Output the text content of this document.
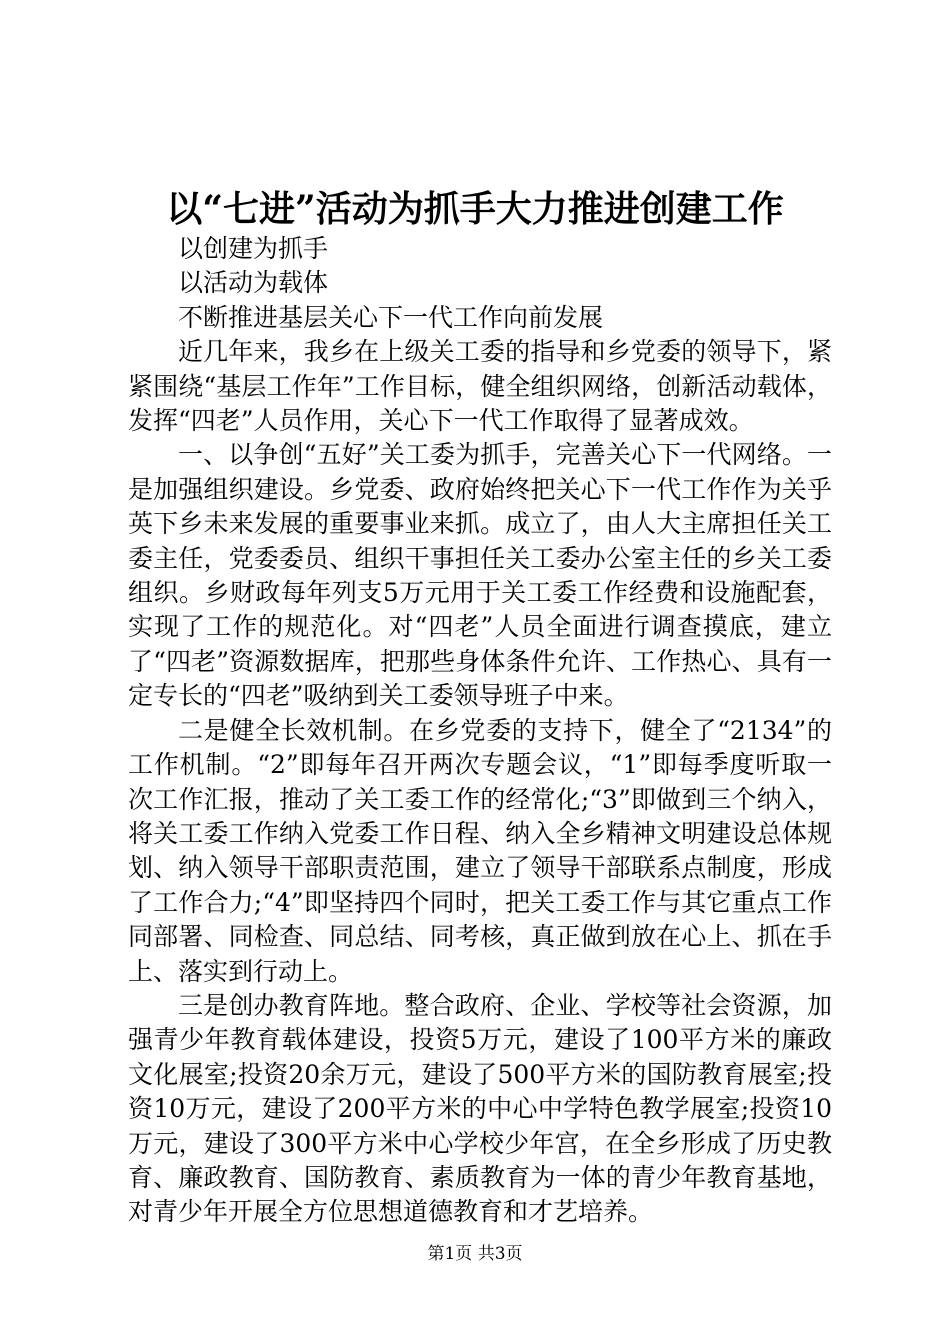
以“七进”活动为抓手大力推进创建工作

以创建为抓手

以活动为载体

不断推进基层关心下一代工作向前发展

近几年来，我乡在上级关工委的指导和乡党委的领导下，紧紧围绕“基层工作年”工作目标，健全组织网络，创新活动载体，发挥“四老”人员作用，关心下一代工作取得了显著成效。

一、以争创“五好”关工委为抓手，完善关心下一代网络。一是加强组织建设。乡党委、政府始终把关心下一代工作作为关乎英下乡未来发展的重要事业来抓。成立了，由人大主席担任关工委主任，党委委员、组织干事担任关工委办公室主任的乡关工委组织。乡财政每年列支5万元用于关工委工作经费和设施配套，实现了工作的规范化。对“四老”人员全面进行调查摸底，建立了“四老”资源数据库，把那些身体条件允许、工作热心、具有一定专长的“四老”吸纳到关工委领导班子中来。

二是健全长效机制。在乡党委的支持下，健全了“2134”的工作机制。“2”即每年召开两次专题会议，“1”即每季度听取一次工作汇报，推动了关工委工作的经常化;“3”即做到三个纳入，将关工委工作纳入党委工作日程、纳入全乡精神文明建设总体规划、纳入领导干部职责范围，建立了领导干部联系点制度，形成了工作合力;“4”即坚持四个同时，把关工委工作与其它重点工作同部署、同检查、同总结、同考核，真正做到放在心上、抓在手上、落实到行动上。

三是创办教育阵地。整合政府、企业、学校等社会资源，加强青少年教育载体建设，投资5万元，建设了100平方米的廉政文化展室;投资20余万元，建设了500平方米的国防教育展室;投资10万元，建设了200平方米的中心中学特色教学展室;投资10万元，建设了300平方米中心学校少年宫，在全乡形成了历史教育、廉政教育、国防教育、素质教育为一体的青少年教育基地，对青少年开展全方位思想道德教育和才艺培养。

第1页 共3页
